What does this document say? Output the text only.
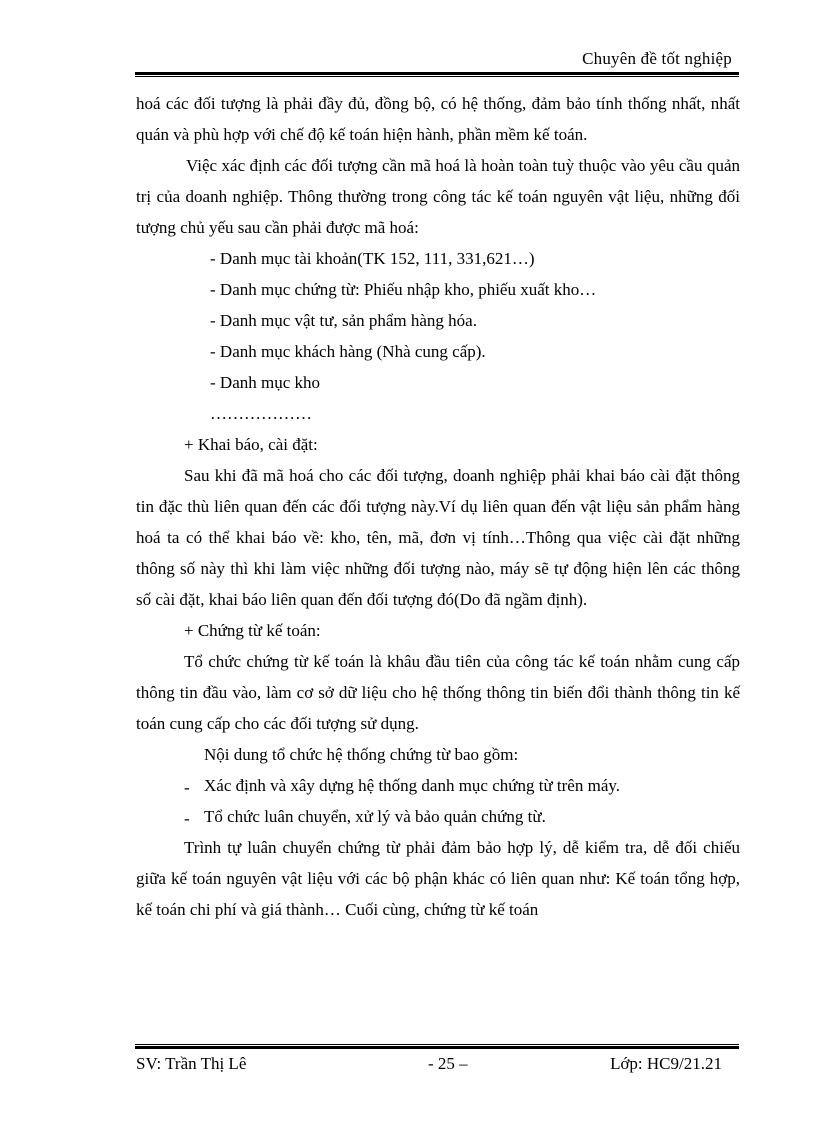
Chuyên đề tốt nghiệp

hoá các đối tượng là phải đầy đủ, đồng bộ, có hệ thống, đảm bảo tính thống nhất, nhất quán và phù hợp với chế độ kế toán hiện hành, phần mềm kế toán.

Việc xác định các đối tượng cần mã hoá là hoàn toàn tuỳ thuộc vào yêu cầu quản trị của doanh nghiệp. Thông thường trong công tác kế toán nguyên vật liệu, những đối tượng chủ yếu sau cần phải được mã hoá:

- Danh mục tài khoản(TK 152, 111, 331,621…)

- Danh mục chứng từ: Phiếu nhập kho, phiếu xuất kho…

- Danh mục vật tư, sản phẩm hàng hóa.

- Danh mục khách hàng (Nhà cung cấp).

- Danh mục kho

………………

+ Khai báo, cài đặt:

Sau khi đã mã hoá cho các đối tượng, doanh nghiệp phải khai báo cài đặt thông tin đặc thù liên quan đến các đối tượng này.Ví dụ liên quan đến vật liệu sản phẩm hàng hoá ta có thể khai báo về: kho, tên, mã, đơn vị tính…Thông qua việc cài đặt những thông số này thì khi làm việc những đối tượng nào, máy sẽ tự động hiện lên các thông số cài đặt, khai báo liên quan đến đối tượng đó(Do đã ngầm định).

+ Chứng từ kế toán:

Tổ chức chứng từ kế toán là khâu đầu tiên của công tác kế toán nhằm cung cấp thông tin đầu vào, làm cơ sở dữ liệu cho hệ thống thông tin biến đổi thành thông tin kế toán cung cấp cho các đối tượng sử dụng.

Nội dung tổ chức hệ thống chứng từ bao gồm:

- Xác định và xây dựng hệ thống danh mục chứng từ trên máy.

- Tổ chức luân chuyển, xử lý và bảo quản chứng từ.

Trình tự luân chuyển chứng từ phải đảm bảo hợp lý, dễ kiểm tra, dễ đối chiếu giữa kế toán nguyên vật liệu với các bộ phận khác có liên quan như: Kế toán tổng hợp, kế toán chi phí và giá thành… Cuối cùng, chứng từ kế toán

SV: Trần Thị Lê	- 25 –	Lớp: HC9/21.21
